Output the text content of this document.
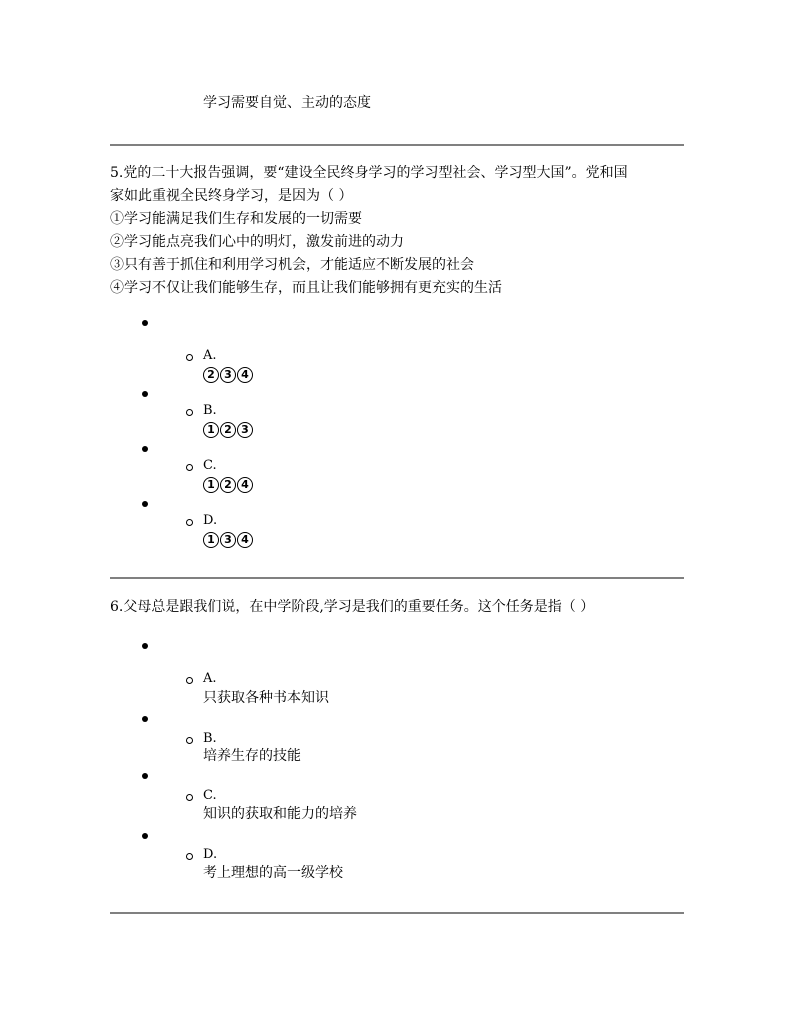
学习需要自觉、主动的态度
5.党的二十大报告强调，要“建设全民终身学习的学习型社会、学习型大国”。党和国
家如此重视全民终身学习，是因为（ ）
①学习能满足我们生存和发展的一切需要
②学习能点亮我们心中的明灯，激发前进的动力
③只有善于抓住和利用学习机会，才能适应不断发展的社会
④学习不仅让我们能够生存，而且让我们能够拥有更充实的生活
A.
2 3 4
B.
1 2 3
C.
1 2 4
D.
1 3 4
6.父母总是跟我们说，在中学阶段,学习是我们的重要任务。这个任务是指（ ）
A.
只获取各种书本知识
B.
培养生存的技能
C.
知识的获取和能力的培养
D.
考上理想的高一级学校
